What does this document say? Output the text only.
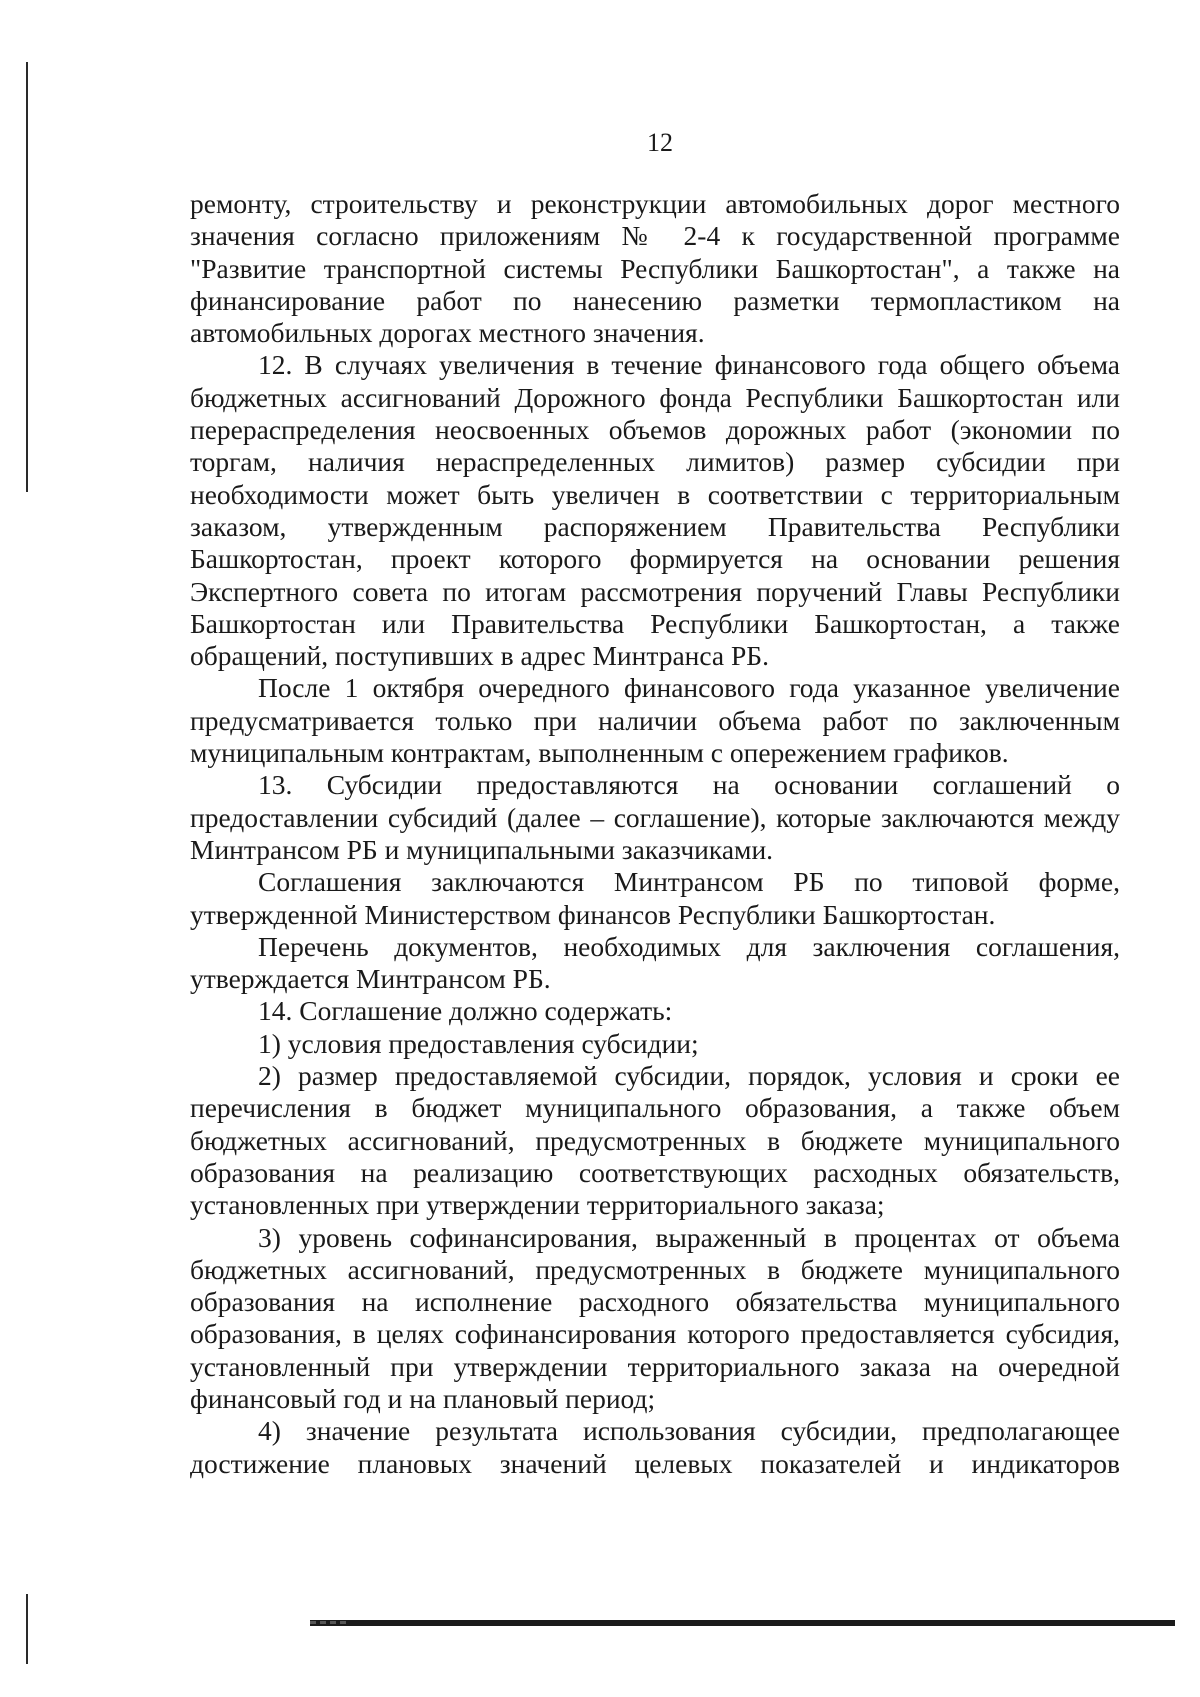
12

ремонту, строительству и реконструкции автомобильных дорог местного значения согласно приложениям № 2-4 к государственной программе "Развитие транспортной системы Республики Башкортостан", а также на финансирование работ по нанесению разметки термопластиком на автомобильных дорогах местного значения.

12. В случаях увеличения в течение финансового года общего объема бюджетных ассигнований Дорожного фонда Республики Башкортостан или перераспределения неосвоенных объемов дорожных работ (экономии по торгам, наличия нераспределенных лимитов) размер субсидии при необходимости может быть увеличен в соответствии с территориальным заказом, утвержденным распоряжением Правительства Республики Башкортостан, проект которого формируется на основании решения Экспертного совета по итогам рассмотрения поручений Главы Республики Башкортостан или Правительства Республики Башкортостан, а также обращений, поступивших в адрес Минтранса РБ.

После 1 октября очередного финансового года указанное увеличение предусматривается только при наличии объема работ по заключенным муниципальным контрактам, выполненным с опережением графиков.

13. Субсидии предоставляются на основании соглашений о предоставлении субсидий (далее – соглашение), которые заключаются между Минтрансом РБ и муниципальными заказчиками.

Соглашения заключаются Минтрансом РБ по типовой форме, утвержденной Министерством финансов Республики Башкортостан.

Перечень документов, необходимых для заключения соглашения, утверждается Минтрансом РБ.

14. Соглашение должно содержать:

1) условия предоставления субсидии;

2) размер предоставляемой субсидии, порядок, условия и сроки ее перечисления в бюджет муниципального образования, а также объем бюджетных ассигнований, предусмотренных в бюджете муниципального образования на реализацию соответствующих расходных обязательств, установленных при утверждении территориального заказа;

3) уровень софинансирования, выраженный в процентах от объема бюджетных ассигнований, предусмотренных в бюджете муниципального образования на исполнение расходного обязательства муниципального образования, в целях софинансирования которого предоставляется субсидия, установленный при утверждении территориального заказа на очередной финансовый год и на плановый период;

4) значение результата использования субсидии, предполагающее достижение плановых значений целевых показателей и индикаторов
